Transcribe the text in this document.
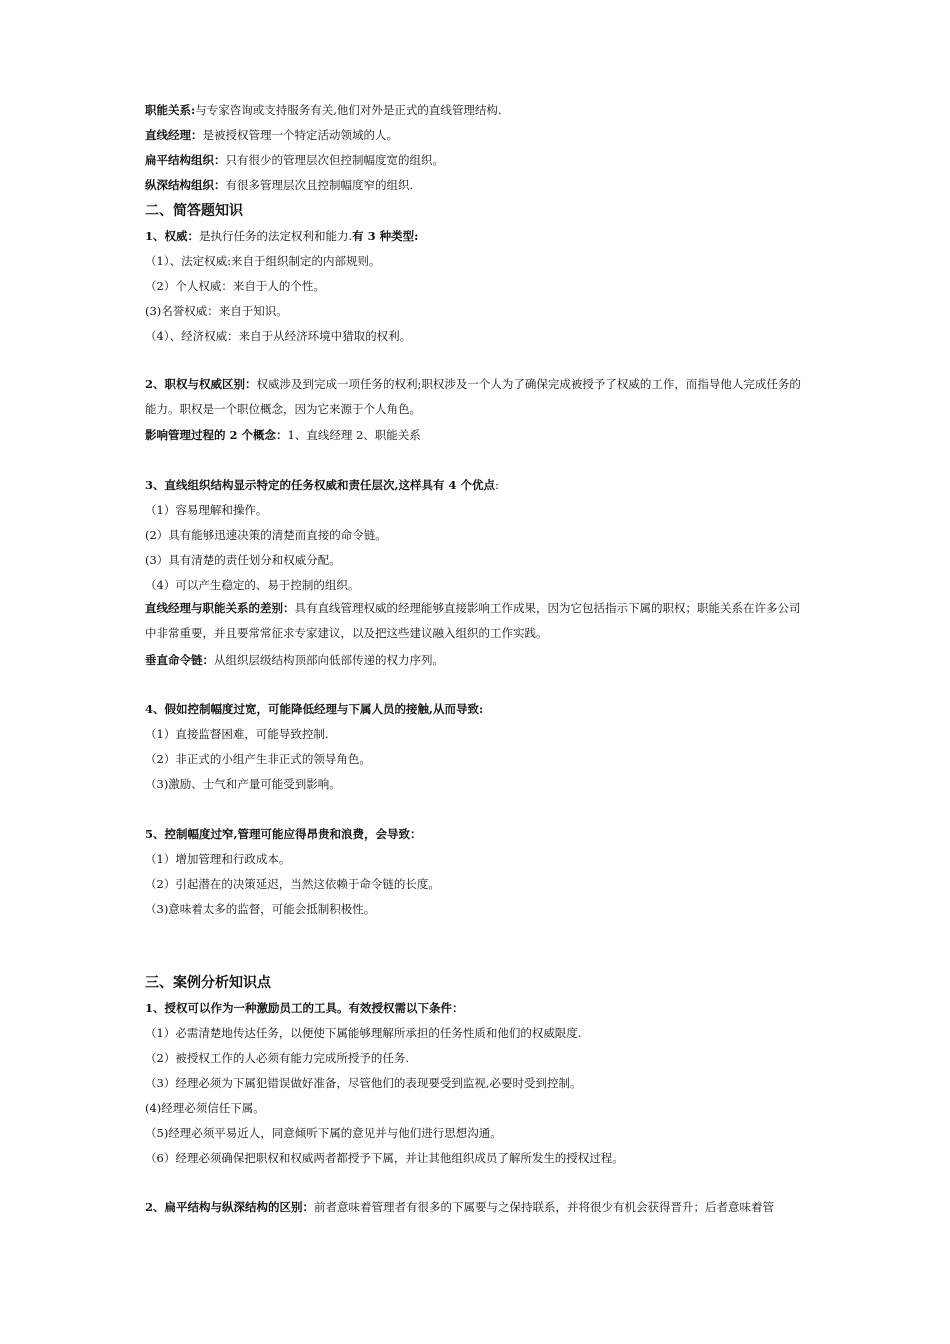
职能关系:与专家咨询或支持服务有关,他们对外是正式的直线管理结构.
直线经理：是被授权管理一个特定活动领域的人。
扁平结构组织：只有很少的管理层次但控制幅度宽的组织。
纵深结构组织：有很多管理层次且控制幅度窄的组织.
二、简答题知识
1、权威：是执行任务的法定权利和能力.有 3 种类型:
（1）、法定权威:来自于组织制定的内部规则。
（2）个人权威：来自于人的个性。
(3)名誉权威：来自于知识。
（4）、经济权威：来自于从经济环境中猎取的权利。
2、职权与权威区别：权威涉及到完成一项任务的权利;职权涉及一个人为了确保完成被授予了权威的工作，而指导他人完成任务的能力。职权是一个职位概念，因为它来源于个人角色。
影响管理过程的 2 个概念：1、直线经理 2、职能关系
3、直线组织结构显示特定的任务权威和责任层次,这样具有 4 个优点:
（1）容易理解和操作。
(2）具有能够迅速决策的清楚而直接的命令链。
(3）具有清楚的责任划分和权威分配。
（4）可以产生稳定的、易于控制的组织。
直线经理与职能关系的差别：具有直线管理权威的经理能够直接影响工作成果，因为它包括指示下属的职权；职能关系在许多公司中非常重要，并且要常常征求专家建议，以及把这些建议融入组织的工作实践。
垂直命令链：从组织层级结构顶部向低部传递的权力序列。
4、假如控制幅度过宽，可能降低经理与下属人员的接触,从而导致:
（1）直接监督困难，可能导致控制.
（2）非正式的小组产生非正式的领导角色。
（3)激励、士气和产量可能受到影响。
5、控制幅度过窄,管理可能应得昂贵和浪费，会导致：
（1）增加管理和行政成本。
（2）引起潜在的决策延迟，当然这依赖于命令链的长度。
（3)意味着太多的监督，可能会抵制积极性。
三、案例分析知识点
1、授权可以作为一种激励员工的工具。有效授权需以下条件：
（1）必需清楚地传达任务，以便使下属能够理解所承担的任务性质和他们的权威限度.
（2）被授权工作的人必须有能力完成所授予的任务.
（3）经理必须为下属犯错误做好准备，尽管他们的表现要受到监视,必要时受到控制。
(4)经理必须信任下属。
（5)经理必须平易近人，同意倾听下属的意见并与他们进行思想沟通。
（6）经理必须确保把职权和权威两者都授予下属，并让其他组织成员了解所发生的授权过程。
2、扁平结构与纵深结构的区别：前者意味着管理者有很多的下属要与之保持联系，并将很少有机会获得晋升；后者意味着管
